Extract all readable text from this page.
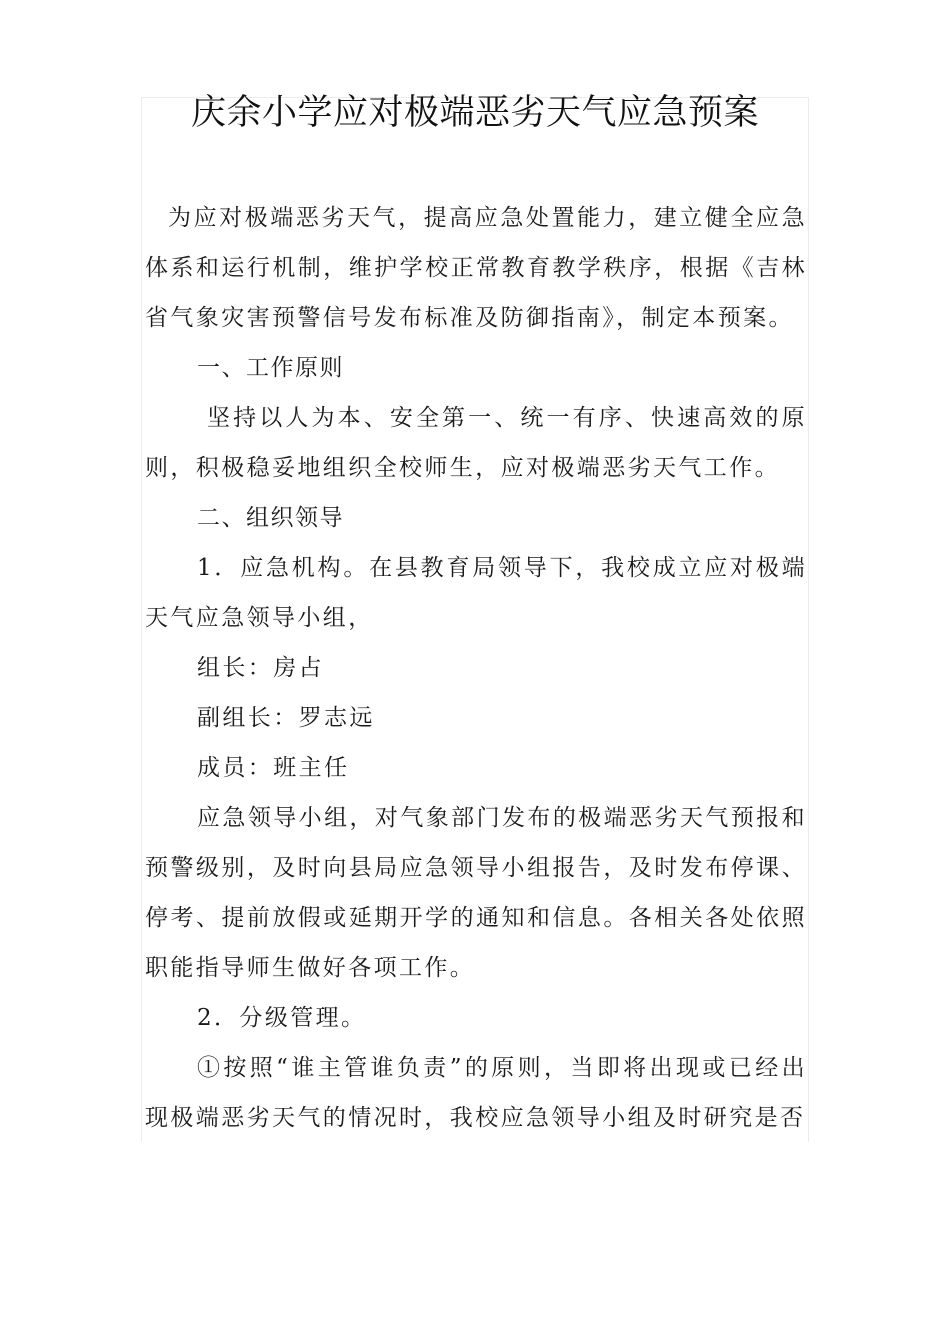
庆余小学应对极端恶劣天气应急预案

为应对极端恶劣天气，提高应急处置能力，建立健全应急体系和运行机制，维护学校正常教育教学秩序，根据《吉林省气象灾害预警信号发布标准及防御指南》，制定本预案。

一、工作原则

坚持以人为本、安全第一、统一有序、快速高效的原则，积极稳妥地组织全校师生，应对极端恶劣天气工作。

二、组织领导

1．应急机构。在县教育局领导下，我校成立应对极端天气应急领导小组，

组长：房占

副组长：罗志远

成员：班主任

应急领导小组，对气象部门发布的极端恶劣天气预报和预警级别，及时向县局应急领导小组报告，及时发布停课、停考、提前放假或延期开学的通知和信息。各相关各处依照职能指导师生做好各项工作。

2．分级管理。

①按照“谁主管谁负责”的原则，当即将出现或已经出现极端恶劣天气的情况时，我校应急领导小组及时研究是否
